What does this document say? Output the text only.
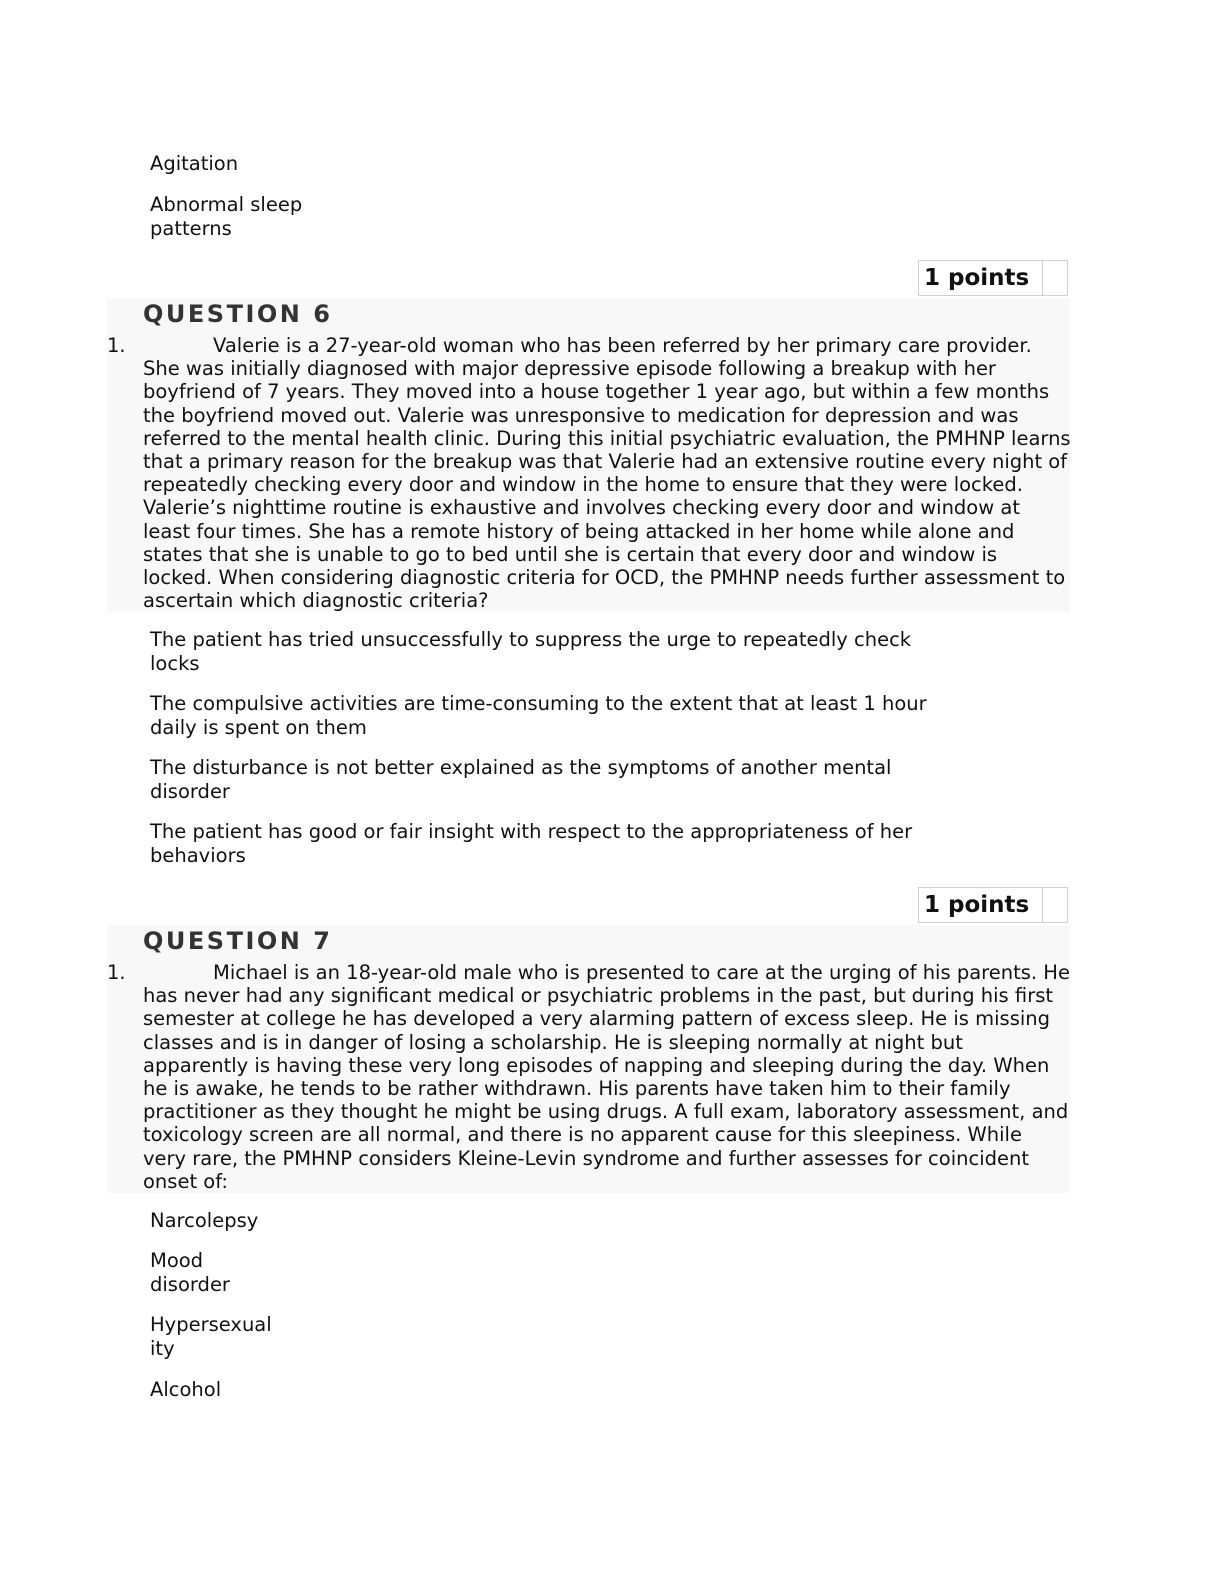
Agitation

Abnormal sleep patterns

1 points
QUESTION 6
1.	Valerie is a 27-year-old woman who has been referred by her primary care provider. She was initially diagnosed with major depressive episode following a breakup with her boyfriend of 7 years. They moved into a house together 1 year ago, but within a few months the boyfriend moved out. Valerie was unresponsive to medication for depression and was referred to the mental health clinic. During this initial psychiatric evaluation, the PMHNP learns that a primary reason for the breakup was that Valerie had an extensive routine every night of repeatedly checking every door and window in the home to ensure that they were locked. Valerie’s nighttime routine is exhaustive and involves checking every door and window at least four times. She has a remote history of being attacked in her home while alone and states that she is unable to go to bed until she is certain that every door and window is locked. When considering diagnostic criteria for OCD, the PMHNP needs further assessment to ascertain which diagnostic criteria?

The patient has tried unsuccessfully to suppress the urge to repeatedly check locks

The compulsive activities are time-consuming to the extent that at least 1 hour daily is spent on them

The disturbance is not better explained as the symptoms of another mental disorder

The patient has good or fair insight with respect to the appropriateness of her behaviors

1 points
QUESTION 7
1.	Michael is an 18-year-old male who is presented to care at the urging of his parents. He has never had any significant medical or psychiatric problems in the past, but during his first semester at college he has developed a very alarming pattern of excess sleep. He is missing classes and is in danger of losing a scholarship. He is sleeping normally at night but apparently is having these very long episodes of napping and sleeping during the day. When he is awake, he tends to be rather withdrawn. His parents have taken him to their family practitioner as they thought he might be using drugs. A full exam, laboratory assessment, and toxicology screen are all normal, and there is no apparent cause for this sleepiness. While very rare, the PMHNP considers Kleine-Levin syndrome and further assesses for coincident onset of:

Narcolepsy

Mood disorder

Hypersexuality

Alcohol
